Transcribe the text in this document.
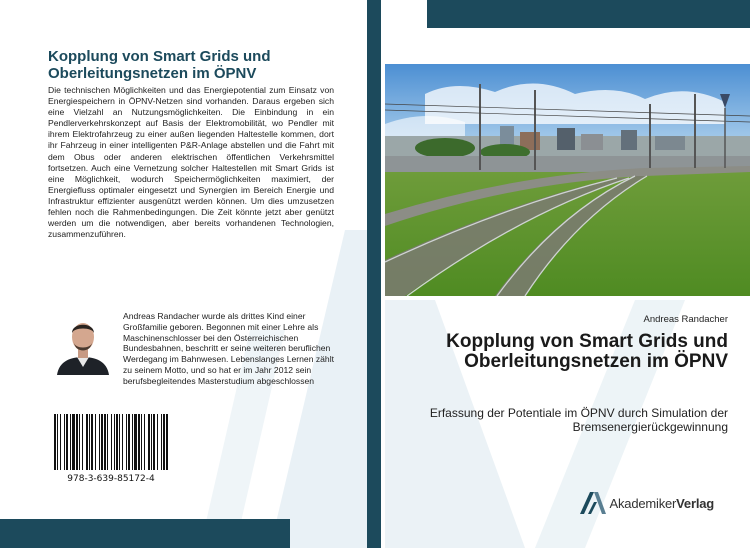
Kopplung von Smart Grids und Oberleitungsnetzen im ÖPNV

Die technischen Möglichkeiten und das Energiepotential zum Einsatz von Energiespeichern in ÖPNV-Netzen sind vorhanden. Daraus ergeben sich eine Vielzahl an Nutzungsmöglichkeiten. Die Einbindung in ein Pendlerverkehrskonzept auf Basis der Elektromobilität, wo Pendler mit ihrem Elektrofahrzeug zu einer außen liegenden Haltestelle kommen, dort ihr Fahrzeug in einer intelligenten P&R-Anlage abstellen und die Fahrt mit dem Obus oder anderen elektrischen öffentlichen Verkehrsmittel fortsetzen. Auch eine Vernetzung solcher Haltestellen mit Smart Grids ist eine Möglichkeit, wodurch Speichermöglichkeiten maximiert, der Energiefluss optimaler eingesetzt und Synergien im Bereich Energie und Infrastruktur effizienter ausgenützt werden können. Um dies umzusetzen fehlen noch die Rahmenbedingungen. Die Zeit könnte jetzt aber genützt werden um die notwendigen, aber bereits vorhandenen Technologien, zusammenzuführen.

Andreas Randacher wurde als drittes Kind einer Großfamilie geboren. Begonnen mit einer Lehre als Maschinenschlosser bei den Österreichischen Bundesbahnen, beschritt er seine weiteren beruflichen Werdegang im Bahnwesen. Lebenslanges Lernen zählt zu seinem Motto, und so hat er im Jahr 2012 sein berufsbegleitendes Masterstudium abgeschlossen

978-3-639-85172-4
Andreas Randacher
Kopplung von Smart Grids und Oberleitungsnetzen im ÖPNV

Erfassung der Potentiale im ÖPNV durch Simulation der Bremsenergierückgewinnung

AkademikerVerlag
